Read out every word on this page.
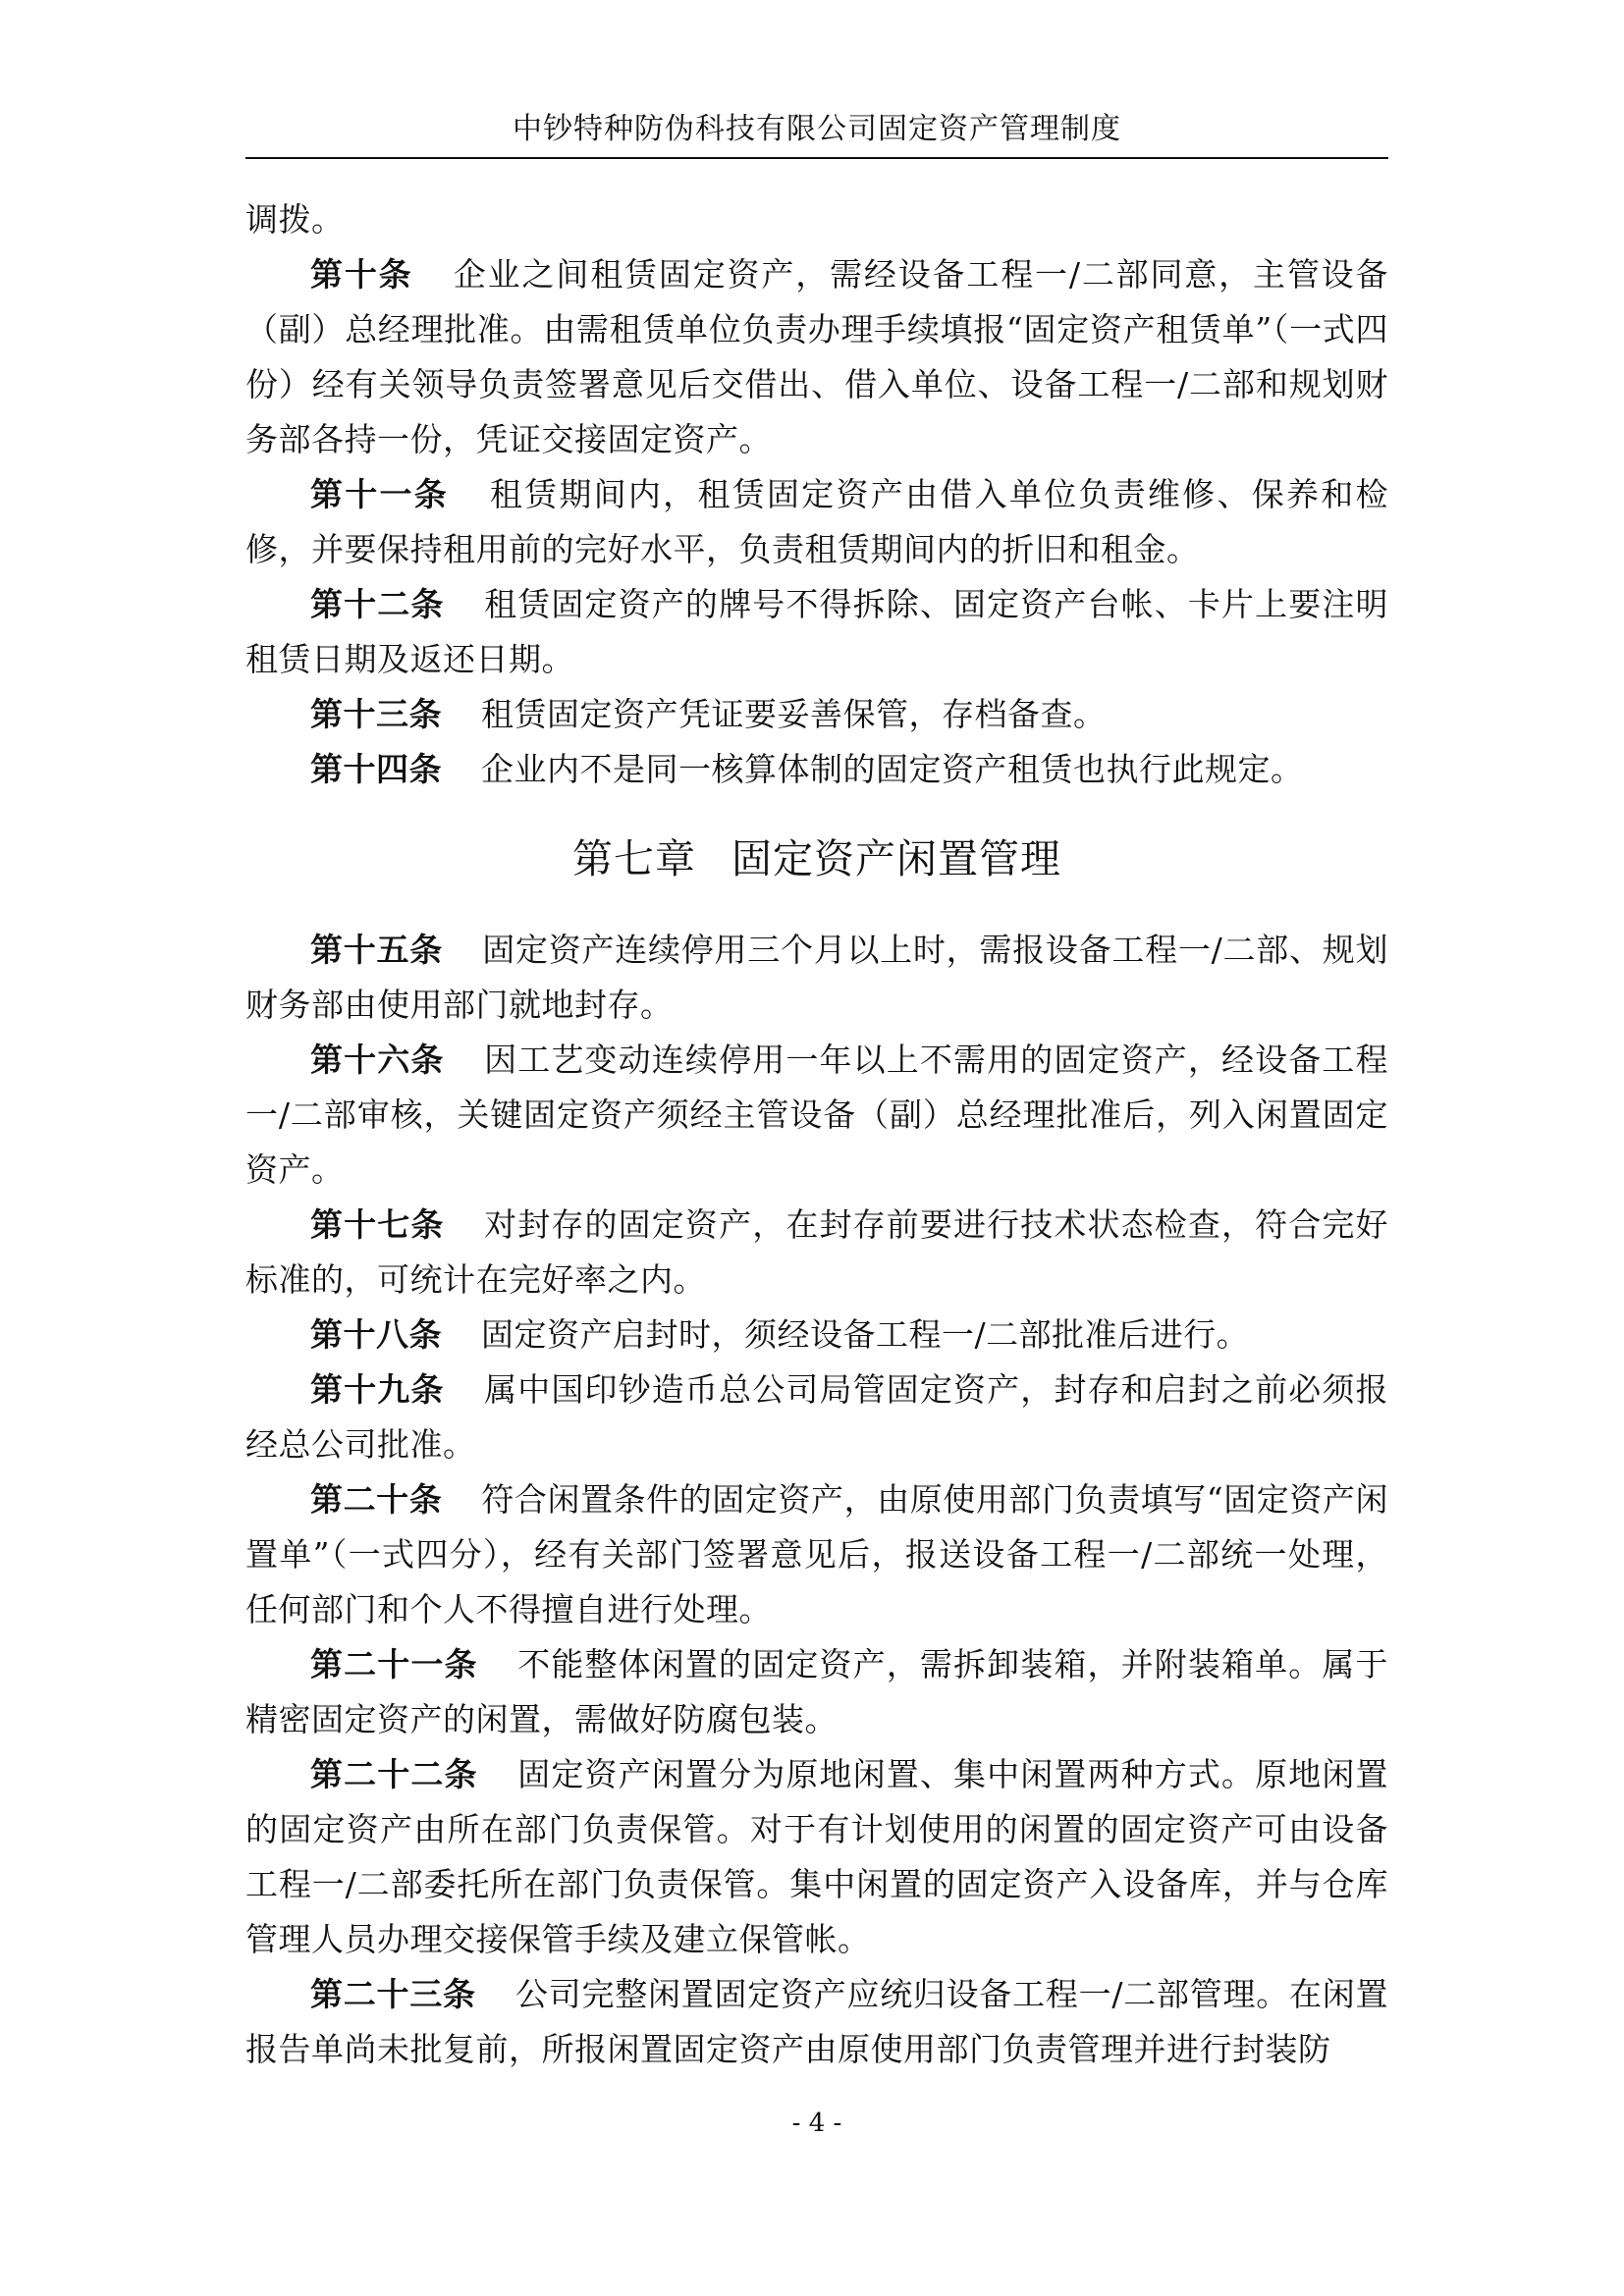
中钞特种防伪科技有限公司固定资产管理制度

调拨。

第十条 企业之间租赁固定资产，需经设备工程一/二部同意，主管设备（副）总经理批准。由需租赁单位负责办理手续填报“固定资产租赁单”（一式四份）经有关领导负责签署意见后交借出、借入单位、设备工程一/二部和规划财务部各持一份，凭证交接固定资产。

第十一条 租赁期间内，租赁固定资产由借入单位负责维修、保养和检修，并要保持租用前的完好水平，负责租赁期间内的折旧和租金。

第十二条 租赁固定资产的牌号不得拆除、固定资产台帐、卡片上要注明租赁日期及返还日期。

第十三条 租赁固定资产凭证要妥善保管，存档备查。

第十四条 企业内不是同一核算体制的固定资产租赁也执行此规定。

第七章 固定资产闲置管理

第十五条 固定资产连续停用三个月以上时，需报设备工程一/二部、规划财务部由使用部门就地封存。

第十六条 因工艺变动连续停用一年以上不需用的固定资产，经设备工程一/二部审核，关键固定资产须经主管设备（副）总经理批准后，列入闲置固定资产。

第十七条 对封存的固定资产，在封存前要进行技术状态检查，符合完好标准的，可统计在完好率之内。

第十八条 固定资产启封时，须经设备工程一/二部批准后进行。

第十九条 属中国印钞造币总公司局管固定资产，封存和启封之前必须报经总公司批准。

第二十条 符合闲置条件的固定资产，由原使用部门负责填写“固定资产闲置单”（一式四分），经有关部门签署意见后，报送设备工程一/二部统一处理，任何部门和个人不得擅自进行处理。

第二十一条 不能整体闲置的固定资产，需拆卸装箱，并附装箱单。属于精密固定资产的闲置，需做好防腐包装。

第二十二条 固定资产闲置分为原地闲置、集中闲置两种方式。原地闲置的固定资产由所在部门负责保管。对于有计划使用的闲置的固定资产可由设备工程一/二部委托所在部门负责保管。集中闲置的固定资产入设备库，并与仓库管理人员办理交接保管手续及建立保管帐。

第二十三条 公司完整闲置固定资产应统归设备工程一/二部管理。在闲置报告单尚未批复前，所报闲置固定资产由原使用部门负责管理并进行封装防

- 4 -
